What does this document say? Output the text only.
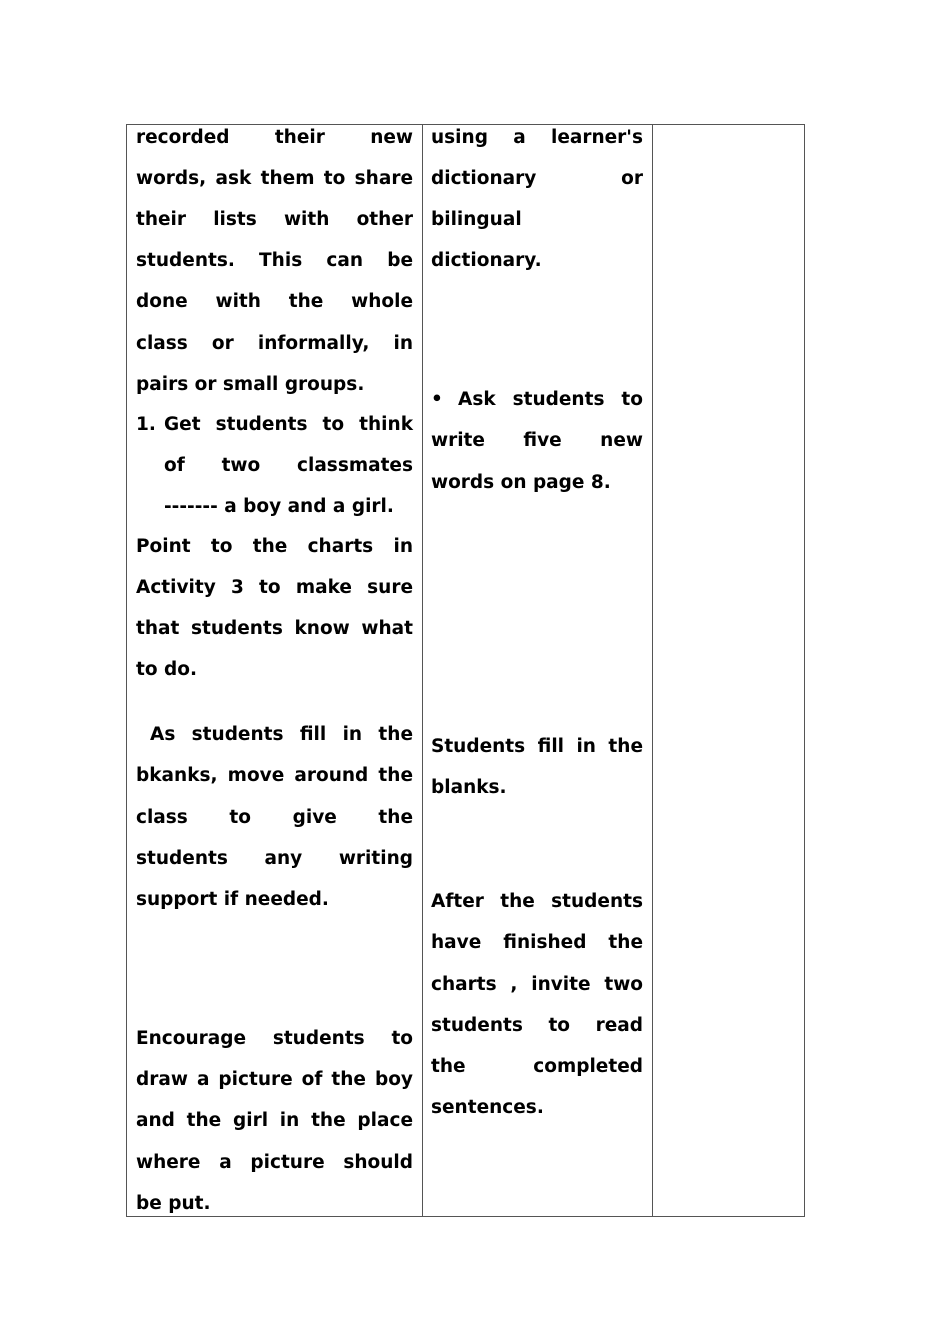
recorded their new
words, ask them to share
their lists with other
students. This can be
done with the whole
class or informally, in
pairs or small groups.
1. Get students to think
of two classmates
------- a boy and a girl.
Point to the charts in
Activity 3 to make sure
that students know what
to do.
As students fill in the
bkanks, move around the
class to give the
students any writing
support if needed.
Encourage students to
draw a picture of the boy
and the girl in the place
where a picture should
be put.
using a learner's
dictionary or
bilingual
dictionary.
• Ask students to
write five new
words on page 8.
Students fill in the
blanks.
After the students
have finished the
charts , invite two
students to read
the completed
sentences.
